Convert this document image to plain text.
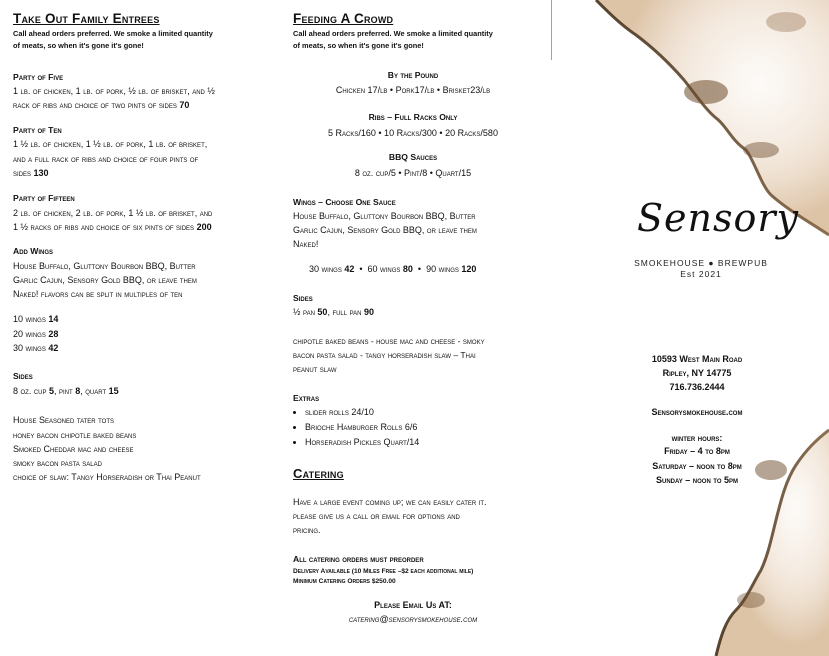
Take Out Family Entrees
Call ahead orders preferred. We smoke a limited quantity
of meats, so when it's gone it's gone!
Party of Five
1 lb. of chicken, 1 lb. of pork, ½ lb. of brisket, and ½
rack of ribs and choice of two pints of sides 70
Party of Ten
1 ½ lb. of chicken, 1 ½ lb. of pork, 1 lb. of brisket,
and a full rack of ribs and choice of four pints of
sides 130
Party of Fifteen
2 lb. of chicken, 2 lb. of pork, 1 ½ lb. of brisket, and
1 ½ racks of ribs and choice of six pints of sides 200
Add Wings
House Buffalo, Gluttony Bourbon BBQ, Butter
Garlic Cajun, Sensory Gold BBQ, or leave them
Naked! flavors can be split in multiples of ten
10 wings 14
20 wings 28
30 wings 42
Sides
8 oz. cup 5, pint 8, quart 15
House Seasoned tater tots
honey bacon chipotle baked beans
Smoked Cheddar mac and cheese
smoky bacon pasta salad
choice of slaw: Tangy Horseradish or Thai Peanut
Feeding A Crowd
Call ahead orders preferred. We smoke a limited quantity
of meats, so when it's gone it's gone!
By the Pound
Chicken 17/lb • Pork17/lb • Brisket23/lb
Ribs – Full Racks Only
5 Racks/160 • 10 Racks/300 • 20 Racks/580
BBQ Sauces
8 oz. cup/5 • Pint/8 • Quart/15
Wings – Choose One Sauce
House Buffalo, Gluttony Bourbon BBQ, Butter
Garlic Cajun, Sensory Gold BBQ, or leave them
Naked!
30 wings 42  •  60 wings 80  •  90 wings 120
Sides
½ pan 50, full pan 90
chipotle baked beans - house mac and cheese - smoky
bacon pasta salad - tangy horseradish slaw – Thai
peanut slaw
Extras
• slider rolls 24/10
• Brioche Hamburger Rolls 6/6
• Horseradish Pickles Quart/14
Catering
Have a large event coming up; we can easily cater it.
please give us a call or email for options and
pricing.
All catering orders must preorder
Delivery Available (10 Miles Free –$2 each additional mile)
Minimum Catering Orders $250.00
Please Email Us AT:
catering@sensorysmokehouse.com
Sensory
SMOKEHOUSE ● BREWPUB
Est 2021
10593 West Main Road
Ripley, NY 14775
716.736.2444
Sensorysmokehouse.com
winter hours:
Friday – 4 to 8pm
Saturday – noon to 8pm
Sunday – noon to 5pm
